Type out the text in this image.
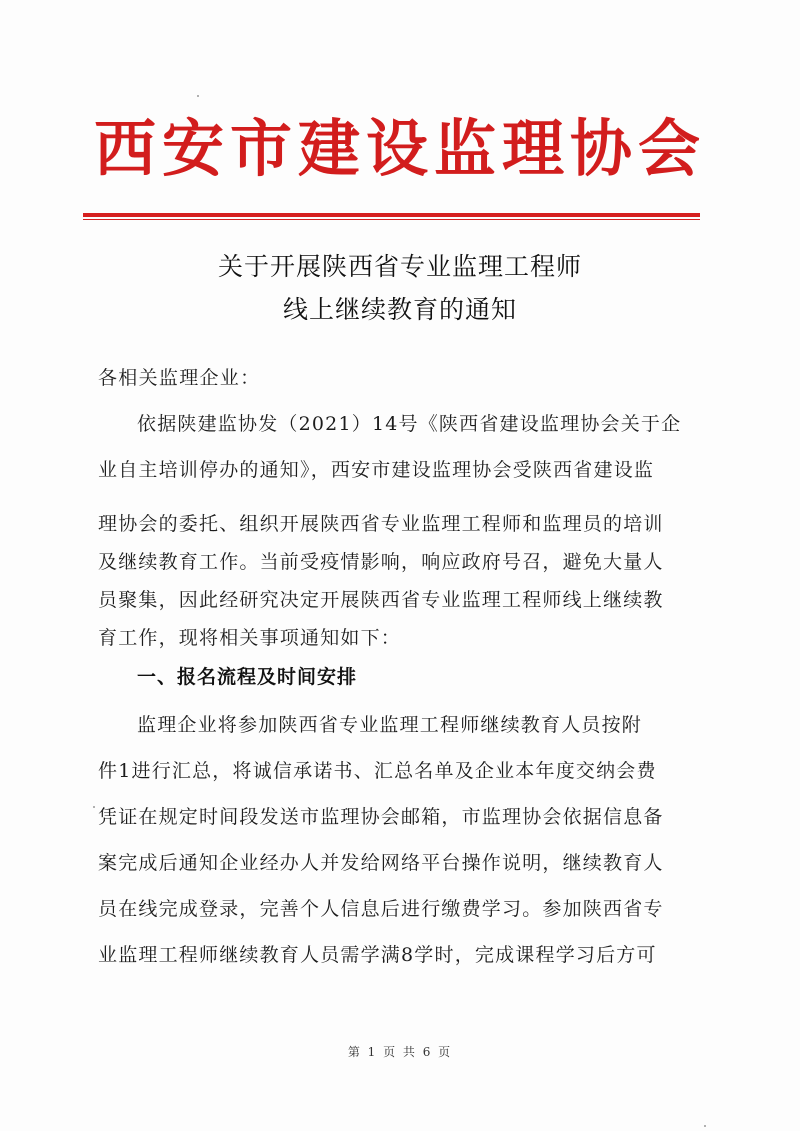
西安市建设监理协会
关于开展陕西省专业监理工程师
线上继续教育的通知
各相关监理企业：
依据陕建监协发（2021）14号《陕西省建设监理协会关于企
业自主培训停办的通知》，西安市建设监理协会受陕西省建设监
理协会的委托、组织开展陕西省专业监理工程师和监理员的培训
及继续教育工作。当前受疫情影响，响应政府号召，避免大量人
员聚集，因此经研究决定开展陕西省专业监理工程师线上继续教
育工作，现将相关事项通知如下：
一、报名流程及时间安排
监理企业将参加陕西省专业监理工程师继续教育人员按附
件1进行汇总，将诚信承诺书、汇总名单及企业本年度交纳会费
凭证在规定时间段发送市监理协会邮箱，市监理协会依据信息备
案完成后通知企业经办人并发给网络平台操作说明，继续教育人
员在线完成登录，完善个人信息后进行缴费学习。参加陕西省专
业监理工程师继续教育人员需学满8学时，完成课程学习后方可
第 1 页 共 6 页
